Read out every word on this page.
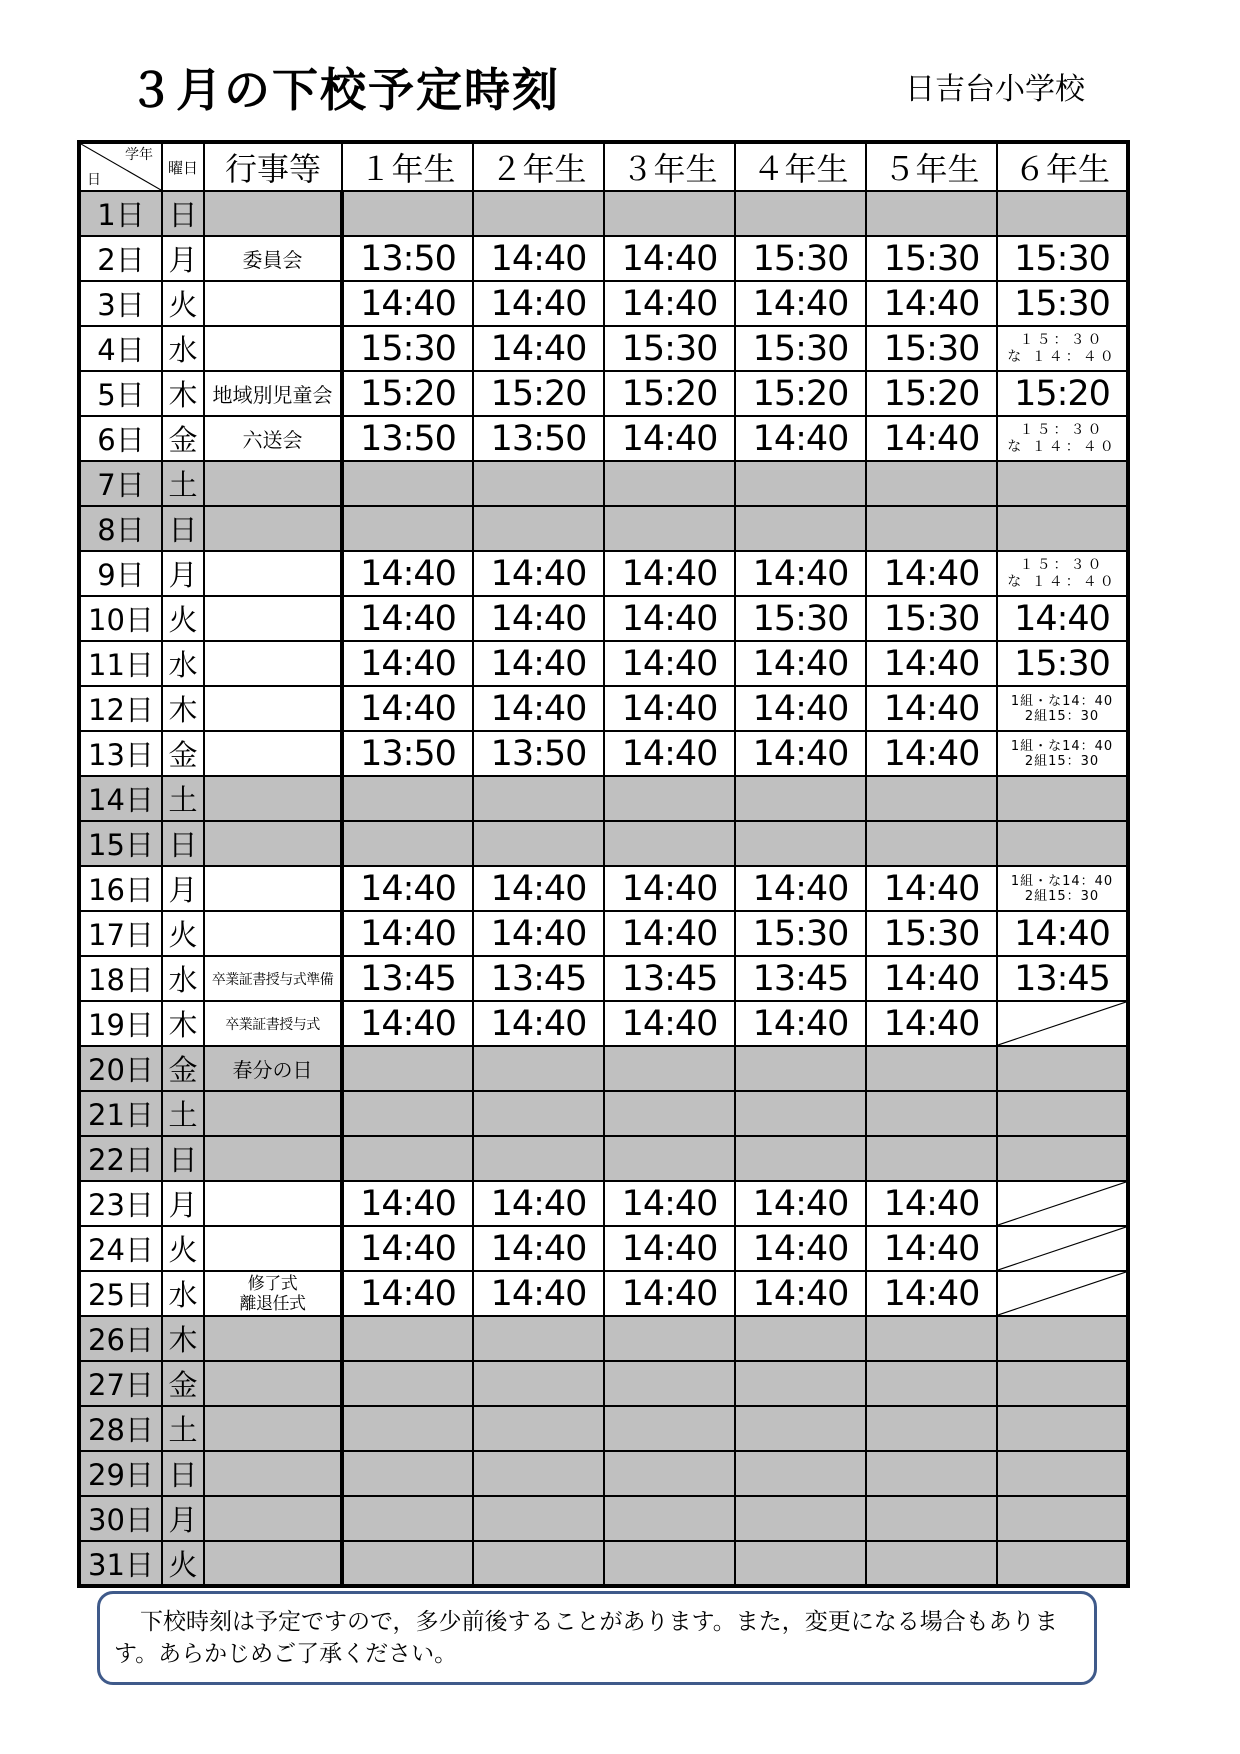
３月の下校予定時刻	日吉台小学校
学年
日	曜日	行事等	１年生	２年生	３年生	４年生	５年生	６年生
1日	日							
2日	月	委員会	13:50	14:40	14:40	15:30	15:30	15:30
3日	火		14:40	14:40	14:40	14:40	14:40	15:30
4日	水		15:30	14:40	15:30	15:30	15:30	１５：３０
な １４：４０
5日	木	地域別児童会	15:20	15:20	15:20	15:20	15:20	15:20
6日	金	六送会	13:50	13:50	14:40	14:40	14:40	１５：３０
な １４：４０
7日	土							
8日	日							
9日	月		14:40	14:40	14:40	14:40	14:40	１５：３０
な １４：４０
10日	火		14:40	14:40	14:40	15:30	15:30	14:40
11日	水		14:40	14:40	14:40	14:40	14:40	15:30
12日	木		14:40	14:40	14:40	14:40	14:40	1組・な14：40
2組15：30
13日	金		13:50	13:50	14:40	14:40	14:40	1組・な14：40
2組15：30
14日	土							
15日	日							
16日	月		14:40	14:40	14:40	14:40	14:40	1組・な14：40
2組15：30
17日	火		14:40	14:40	14:40	15:30	15:30	14:40
18日	水	卒業証書授与式準備	13:45	13:45	13:45	13:45	14:40	13:45
19日	木	卒業証書授与式	14:40	14:40	14:40	14:40	14:40	

20日	金	春分の日						
21日	土							
22日	日							
23日	月		14:40	14:40	14:40	14:40	14:40	

24日	火		14:40	14:40	14:40	14:40	14:40	

25日	水	修了式
離退任式	14:40	14:40	14:40	14:40	14:40	

26日	木							
27日	金							
28日	土							
29日	日							
30日	月							
31日	火							
下校時刻は予定ですので，多少前後することがあります。また，変更になる場合もあります。あらかじめご了承ください。
